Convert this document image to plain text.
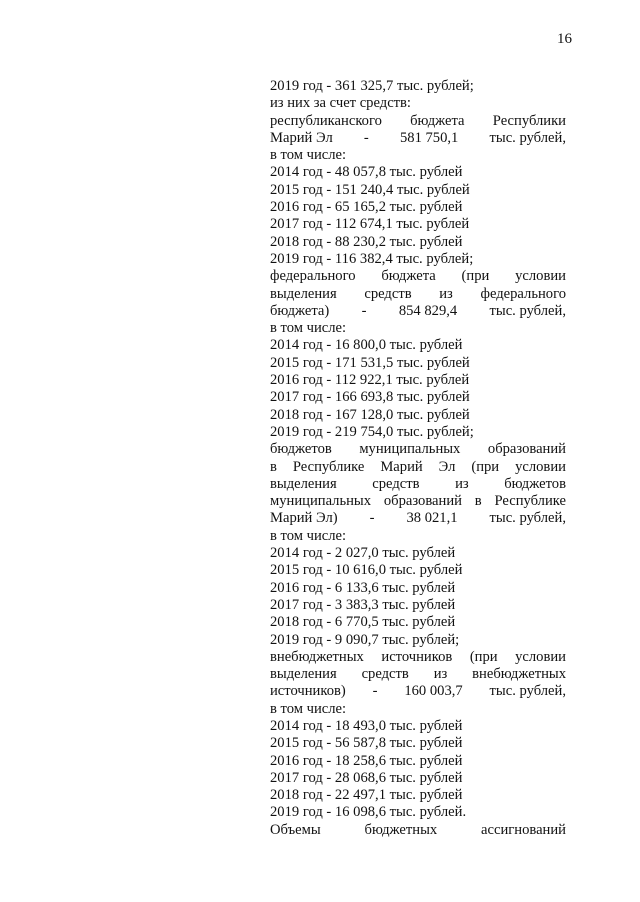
16
2019 год - 361 325,7 тыс. рублей;
из них за счет средств:
республиканского бюджета Республики
Марий Эл - 581 750,1 тыс. рублей,
в том числе:
2014 год - 48 057,8 тыс. рублей
2015 год - 151 240,4 тыс. рублей
2016 год - 65 165,2 тыс. рублей
2017 год - 112 674,1 тыс. рублей
2018 год - 88 230,2 тыс. рублей
2019 год - 116 382,4 тыс. рублей;
федерального бюджета (при условии
выделения средств из федерального
бюджета) - 854 829,4 тыс. рублей,
в том числе:
2014 год - 16 800,0 тыс. рублей
2015 год - 171 531,5 тыс. рублей
2016 год - 112 922,1 тыс. рублей
2017 год - 166 693,8 тыс. рублей
2018 год - 167 128,0 тыс. рублей
2019 год - 219 754,0 тыс. рублей;
бюджетов муниципальных образований
в Республике Марий Эл (при условии
выделения средств из бюджетов
муниципальных образований в Республике
Марий Эл) - 38 021,1 тыс. рублей,
в том числе:
2014 год - 2 027,0 тыс. рублей
2015 год - 10 616,0 тыс. рублей
2016 год - 6 133,6 тыс. рублей
2017 год - 3 383,3 тыс. рублей
2018 год - 6 770,5 тыс. рублей
2019 год - 9 090,7 тыс. рублей;
внебюджетных источников (при условии
выделения средств из внебюджетных
источников) - 160 003,7 тыс. рублей,
в том числе:
2014 год - 18 493,0 тыс. рублей
2015 год - 56 587,8 тыс. рублей
2016 год - 18 258,6 тыс. рублей
2017 год - 28 068,6 тыс. рублей
2018 год - 22 497,1 тыс. рублей
2019 год - 16 098,6 тыс. рублей.
Объемы	бюджетных	ассигнований
